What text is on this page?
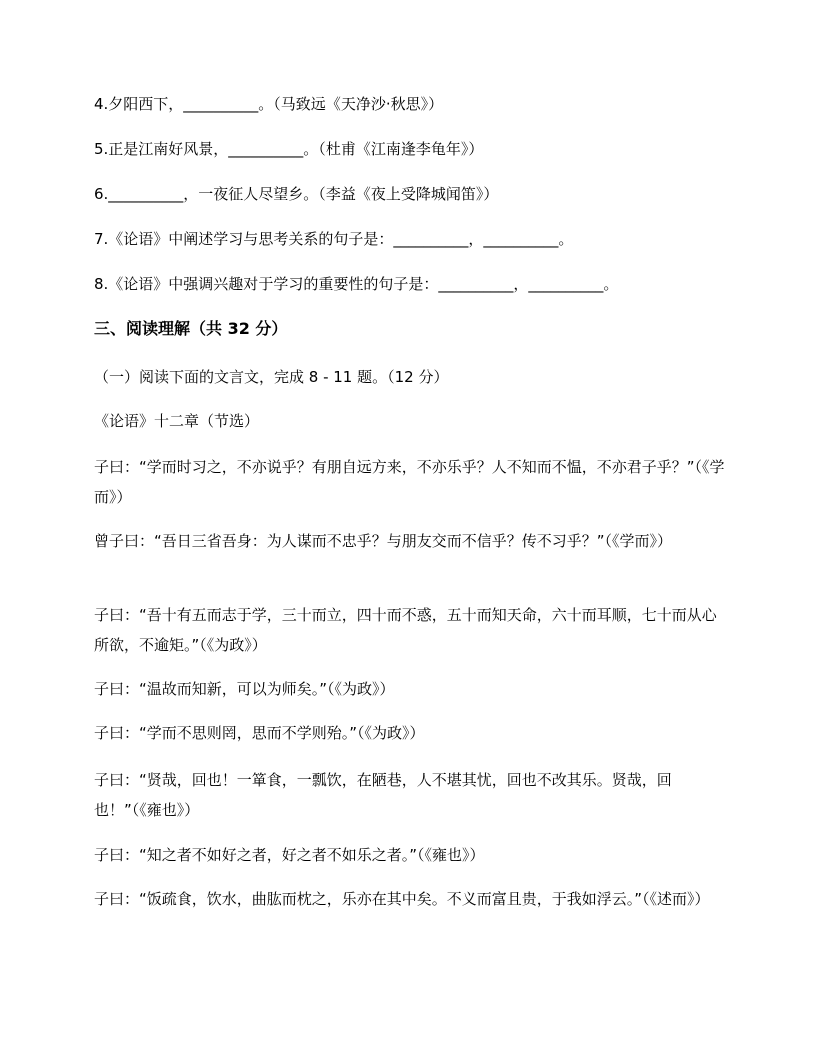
4.夕阳西下，__________。（马致远《天净沙·秋思》）
5.正是江南好风景，__________。（杜甫《江南逢李龟年》）
6.__________，一夜征人尽望乡。（李益《夜上受降城闻笛》）
7.《论语》中阐述学习与思考关系的句子是：__________，__________。
8.《论语》中强调兴趣对于学习的重要性的句子是：__________，__________。
三、阅读理解（共 32 分）
（一）阅读下面的文言文，完成 8 - 11 题。（12 分）
《论语》十二章（节选）
子曰：“学而时习之，不亦说乎？有朋自远方来，不亦乐乎？人不知而不愠，不亦君子乎？”（《学而》）
曾子曰：“吾日三省吾身：为人谋而不忠乎？与朋友交而不信乎？传不习乎？”（《学而》）
子曰：“吾十有五而志于学，三十而立，四十而不惑，五十而知天命，六十而耳顺，七十而从心所欲，不逾矩。”（《为政》）
子曰：“温故而知新，可以为师矣。”（《为政》）
子曰：“学而不思则罔，思而不学则殆。”（《为政》）
子曰：“贤哉，回也！一箪食，一瓢饮，在陋巷，人不堪其忧，回也不改其乐。贤哉，回也！”（《雍也》）
子曰：“知之者不如好之者，好之者不如乐之者。”（《雍也》）
子曰：“饭疏食，饮水，曲肱而枕之，乐亦在其中矣。不义而富且贵，于我如浮云。”（《述而》）
